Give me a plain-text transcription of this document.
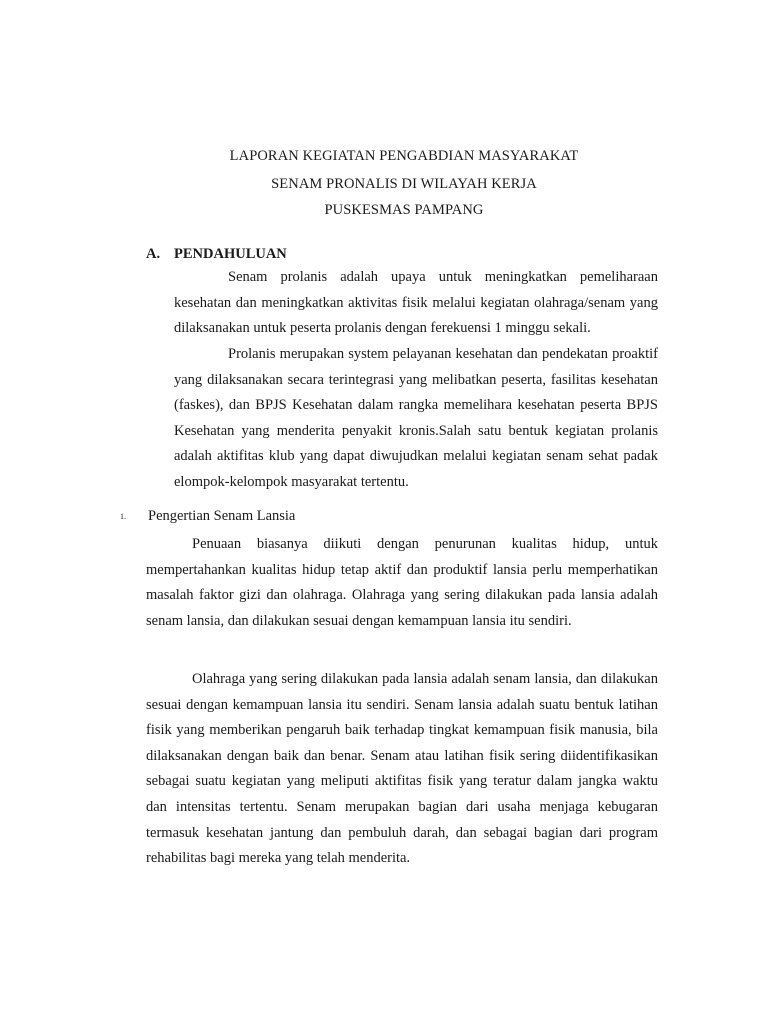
LAPORAN KEGIATAN PENGABDIAN MASYARAKAT
SENAM PRONALIS DI WILAYAH KERJA
PUSKESMAS PAMPANG
A. PENDAHULUAN

Senam prolanis adalah upaya untuk meningkatkan pemeliharaan kesehatan dan meningkatkan aktivitas fisik melalui kegiatan olahraga/senam yang dilaksanakan untuk peserta prolanis dengan ferekuensi 1 minggu sekali.

Prolanis merupakan system pelayanan kesehatan dan pendekatan proaktif yang dilaksanakan secara terintegrasi yang melibatkan peserta, fasilitas kesehatan (faskes), dan BPJS Kesehatan dalam rangka memelihara kesehatan peserta BPJS Kesehatan yang menderita penyakit kronis.Salah satu bentuk kegiatan prolanis adalah aktifitas klub yang dapat diwujudkan melalui kegiatan senam sehat padak elompok-kelompok masyarakat tertentu.

1. Pengertian Senam Lansia

Penuaan biasanya diikuti dengan penurunan kualitas hidup, untuk mempertahankan kualitas hidup tetap aktif dan produktif lansia perlu memperhatikan masalah faktor gizi dan olahraga. Olahraga yang sering dilakukan pada lansia adalah senam lansia, dan dilakukan sesuai dengan kemampuan lansia itu sendiri.

Olahraga yang sering dilakukan pada lansia adalah senam lansia, dan dilakukan sesuai dengan kemampuan lansia itu sendiri. Senam lansia adalah suatu bentuk latihan fisik yang memberikan pengaruh baik terhadap tingkat kemampuan fisik manusia, bila dilaksanakan dengan baik dan benar. Senam atau latihan fisik sering diidentifikasikan sebagai suatu kegiatan yang meliputi aktifitas fisik yang teratur dalam jangka waktu dan intensitas tertentu. Senam merupakan bagian dari usaha menjaga kebugaran termasuk kesehatan jantung dan pembuluh darah, dan sebagai bagian dari program rehabilitas bagi mereka yang telah menderita.
